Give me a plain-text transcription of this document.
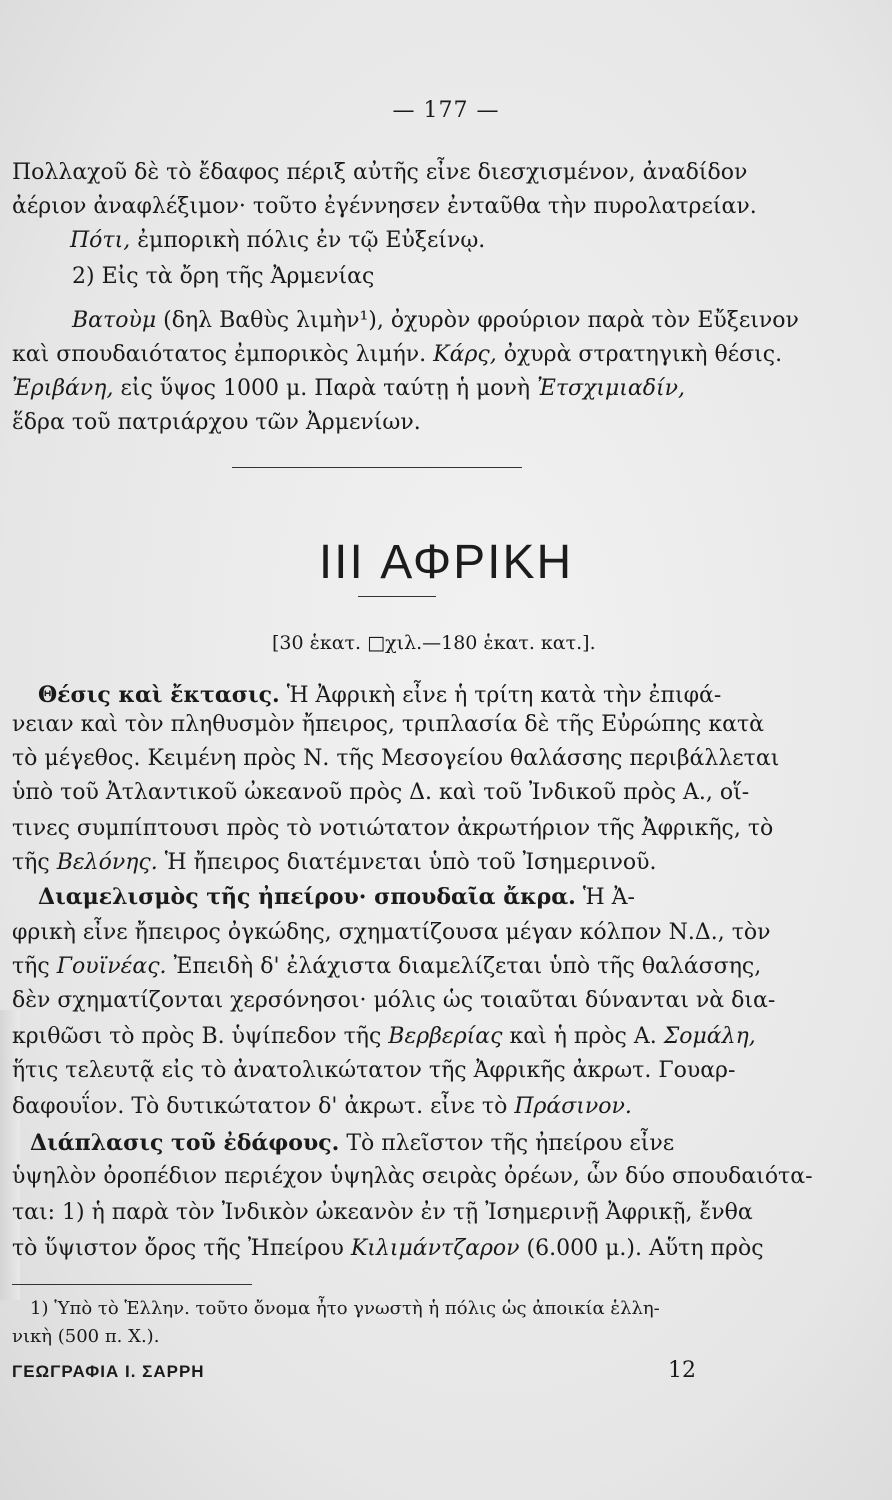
— 177 —
Πολλαχοῦ δὲ τὸ ἔδαφος πέριξ αὐτῆς εἶνε διεσχισμένον, ἀναδίδον
ἀέριον ἀναφλέξιμον· τοῦτο ἐγέννησεν ἐνταῦθα τὴν πυρολατρείαν.
Πότι, ἐμπορικὴ πόλις ἐν τῷ Εὐξείνῳ.
2) Εἰς τὰ ὄρη τῆς Ἀρμενίας
Βατοὺμ (δηλ Βαθὺς λιμὴν¹), ὀχυρὸν φρούριον παρὰ τὸν Εὔξεινον
καὶ σπουδαιότατος ἐμπορικὸς λιμήν. Κάρς, ὀχυρὰ στρατηγικὴ θέσις.
Ἐριβάνη, εἰς ὕψος 1000 μ. Παρὰ ταύτῃ ἡ μονὴ Ἐτσχιμιαδίν,
ἕδρα τοῦ πατριάρχου τῶν Ἀρμενίων.
III ΑΦΡΙΚΗ
[30 ἑκατ. □χιλ.—180 ἑκατ. κατ.].
Θέσις καὶ ἔκτασις. Ἡ Ἀφρικὴ εἶνε ἡ τρίτη κατὰ τὴν ἐπιφά-
νειαν καὶ τὸν πληθυσμὸν ἤπειρος, τριπλασία δὲ τῆς Εὐρώπης κατὰ
τὸ μέγεθος. Κειμένη πρὸς Ν. τῆς Μεσογείου θαλάσσης περιβάλλεται
ὑπὸ τοῦ Ἀτλαντικοῦ ὠκεανοῦ πρὸς Δ. καὶ τοῦ Ἰνδικοῦ πρὸς Α., οἵ-
τινες συμπίπτουσι πρὸς τὸ νοτιώτατον ἀκρωτήριον τῆς Ἀφρικῆς, τὸ
τῆς Βελόνης. Ἡ ἤπειρος διατέμνεται ὑπὸ τοῦ Ἰσημερινοῦ.
Διαμελισμὸς τῆς ἠπείρου· σπουδαῖα ἄκρα. Ἡ Ἀ-
φρικὴ εἶνε ἤπειρος ὀγκώδης, σχηματίζουσα μέγαν κόλπον Ν.Δ., τὸν
τῆς Γουϊνέας. Ἐπειδὴ δ' ἐλάχιστα διαμελίζεται ὑπὸ τῆς θαλάσσης,
δὲν σχηματίζονται χερσόνησοι· μόλις ὡς τοιαῦται δύνανται νὰ δια-
κριθῶσι τὸ πρὸς Β. ὑψίπεδον τῆς Βερβερίας καὶ ἡ πρὸς Α. Σομάλη,
ἥτις τελευτᾷ εἰς τὸ ἀνατολικώτατον τῆς Ἀφρικῆς ἀκρωτ. Γουαρ-
δαφουΐον. Τὸ δυτικώτατον δ' ἀκρωτ. εἶνε τὸ Πράσινον.
Διάπλασις τοῦ ἐδάφους. Τὸ πλεῖστον τῆς ἠπείρου εἶνε
ὑψηλὸν ὀροπέδιον περιέχον ὑψηλὰς σειρὰς ὀρέων, ὧν δύο σπουδαιότα-
ται: 1) ἡ παρὰ τὸν Ἰνδικὸν ὠκεανὸν ἐν τῇ Ἰσημερινῇ Ἀφρικῇ, ἔνθα
τὸ ὕψιστον ὄρος τῆς Ἠπείρου Κιλιμάντζαρον (6.000 μ.). Αὕτη πρὸς
1) Ὑπὸ τὸ Ἑλλην. τοῦτο ὄνομα ἦτο γνωστὴ ἡ πόλις ὡς ἀποικία ἑλλη-
νικὴ (500 π. Χ.).
ΓΕΩΓΡΑΦΙΑ Ι. ΣΑΡΡΗ	12
